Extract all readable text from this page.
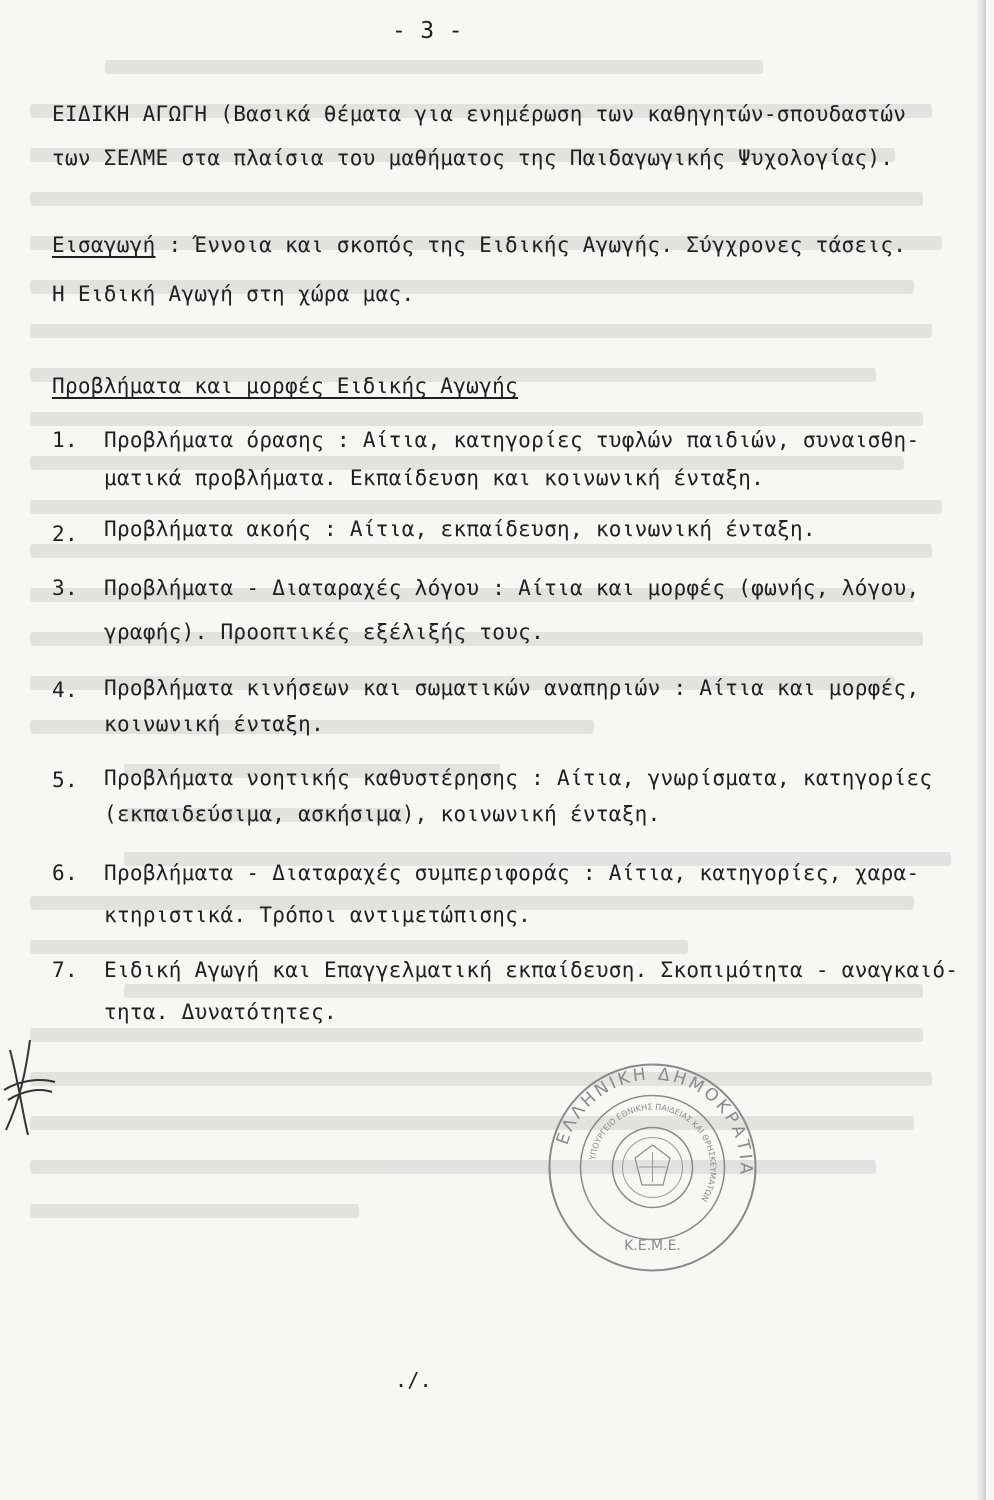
- 3 -
ΕΙΔΙΚΗ ΑΓΩΓΗ (Βασικά θέματα για ενημέρωση των καθηγητών-σπουδαστών
των ΣΕΛΜΕ στα πλαίσια του μαθήματος της Παιδαγωγικής Ψυχολογίας).
Εισαγωγή : Έννοια και σκοπός της Ειδικής Αγωγής. Σύγχρονες τάσεις.
Η Ειδική Αγωγή στη χώρα μας.
Προβλήματα και μορφές Ειδικής Αγωγής
1. Προβλήματα όρασης : Αίτια, κατηγορίες τυφλών παιδιών, συναισθη-
ματικά προβλήματα. Εκπαίδευση και κοινωνική ένταξη.
2. Προβλήματα ακοής : Αίτια, εκπαίδευση, κοινωνική ένταξη.
3. Προβλήματα - Διαταραχές λόγου : Αίτια και μορφές (φωνής, λόγου,
γραφής). Προοπτικές εξέλιξής τους.
4. Προβλήματα κινήσεων και σωματικών αναπηριών : Αίτια και μορφές,
κοινωνική ένταξη.
5. Προβλήματα νοητικής καθυστέρησης : Αίτια, γνωρίσματα, κατηγορίες
(εκπαιδεύσιμα, ασκήσιμα), κοινωνική ένταξη.
6. Προβλήματα - Διαταραχές συμπεριφοράς : Αίτια, κατηγορίες, χαρα-
κτηριστικά. Τρόποι αντιμετώπισης.
7. Ειδική Αγωγή και Επαγγελματική εκπαίδευση. Σκοπιμότητα - αναγκαιό-
τητα. Δυνατότητες.
ΕΛΛΗΝΙΚΗ ΔΗΜΟΚΡΑΤΙΑ
ΥΠΟΥΡΓΕΙΟ ΕΘΝΙΚΗΣ ΠΑΙΔΕΙΑΣ ΚΑΙ ΘΡΗΣΚΕΥΜΑΤΩΝ
Κ.Ε.Μ.Ε.
./.
